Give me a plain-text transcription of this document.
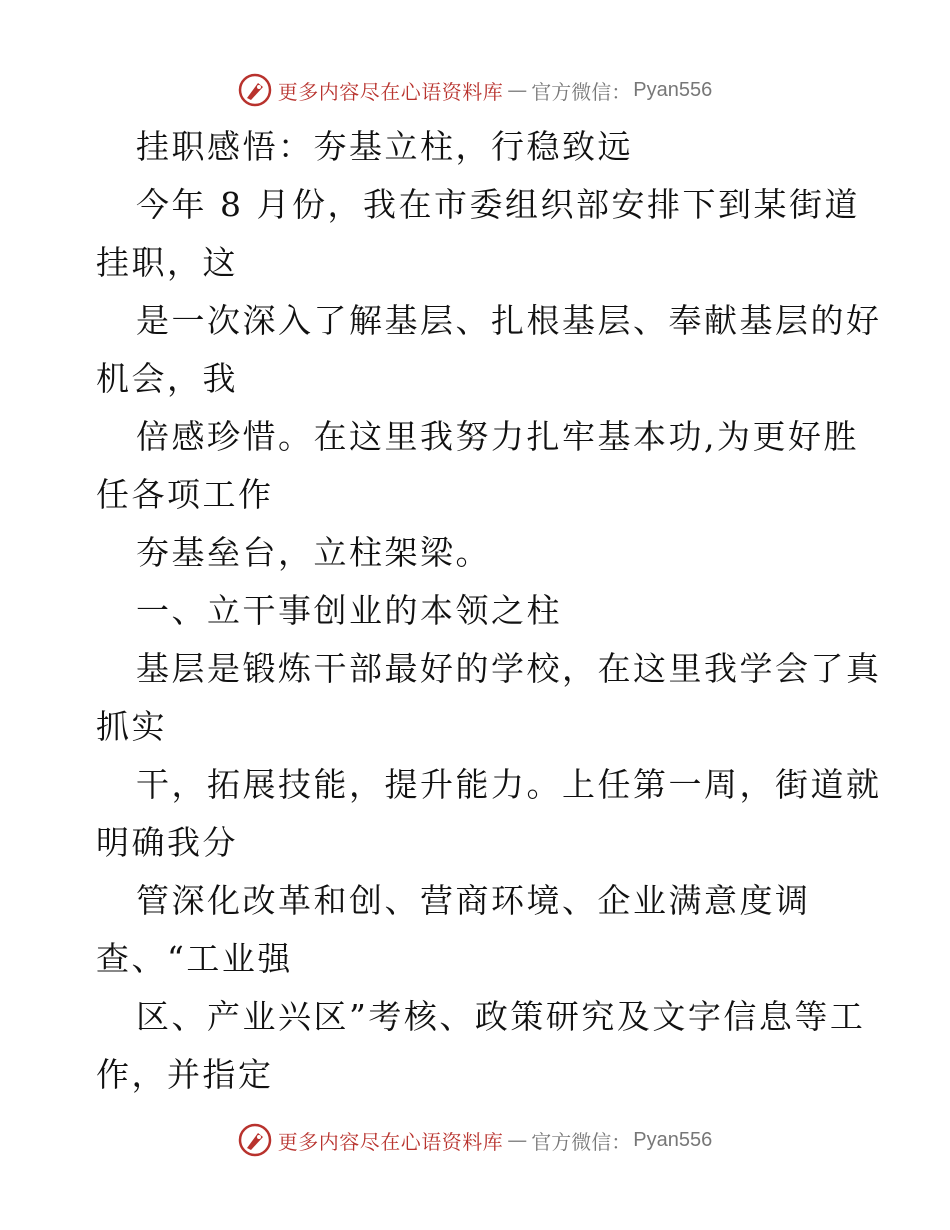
更多内容尽在心语资料库 — 官方微信： Pyan556
挂职感悟：夯基立柱，行稳致远
今年 8 月份，我在市委组织部安排下到某街道
挂职，这
是一次深入了解基层、扎根基层、奉献基层的好
机会，我
倍感珍惜。在这里我努力扎牢基本功,为更好胜
任各项工作
夯基垒台，立柱架梁。
一、立干事创业的本领之柱
基层是锻炼干部最好的学校，在这里我学会了真
抓实
干，拓展技能，提升能力。上任第一周，街道就
明确我分
管深化改革和创、营商环境、企业满意度调
查、“工业强
区、产业兴区”考核、政策研究及文字信息等工
作，并指定
更多内容尽在心语资料库 — 官方微信： Pyan556
